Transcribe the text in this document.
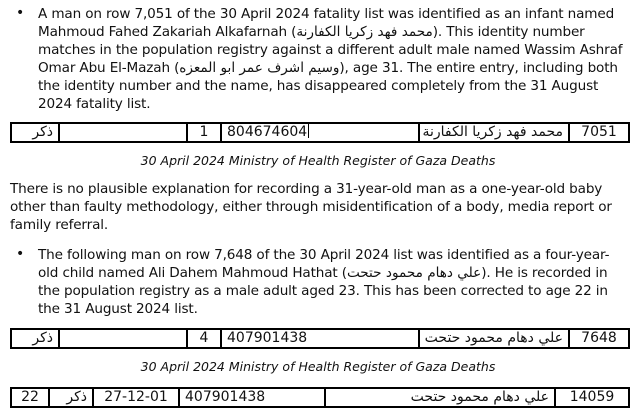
• A man on row 7,051 of the 30 April 2024 fatality list was identified as an infant named Mahmoud Fahed Zakariah Alkafarnah (محمد فهد زكريا الكفارنة). This identity number matches in the population registry against a different adult male named Wassim Ashraf Omar Abu El-Mazah (وسيم اشرف عمر ابو المعزه), age 31. The entire entry, including both the identity number and the name, has disappeared completely from the 31 August 2024 fatality list.
ذكر		1	804674604	محمد فهد زكريا الكفارنة	7051
30 April 2024 Ministry of Health Register of Gaza Deaths
There is no plausible explanation for recording a 31-year-old man as a one-year-old baby other than faulty methodology, either through misidentification of a body, media report or family referral.
• The following man on row 7,648 of the 30 April 2024 list was identified as a four-year-old child named Ali Dahem Mahmoud Hathat (علي دهام محمود حتحت). He is recorded in the population registry as a male adult aged 23. This has been corrected to age 22 in the 31 August 2024 list.
ذكر		4	407901438	علي دهام محمود حتحت	7648
30 April 2024 Ministry of Health Register of Gaza Deaths
22	ذكر	27-12-01	407901438	علي دهام محمود حتحت	14059
